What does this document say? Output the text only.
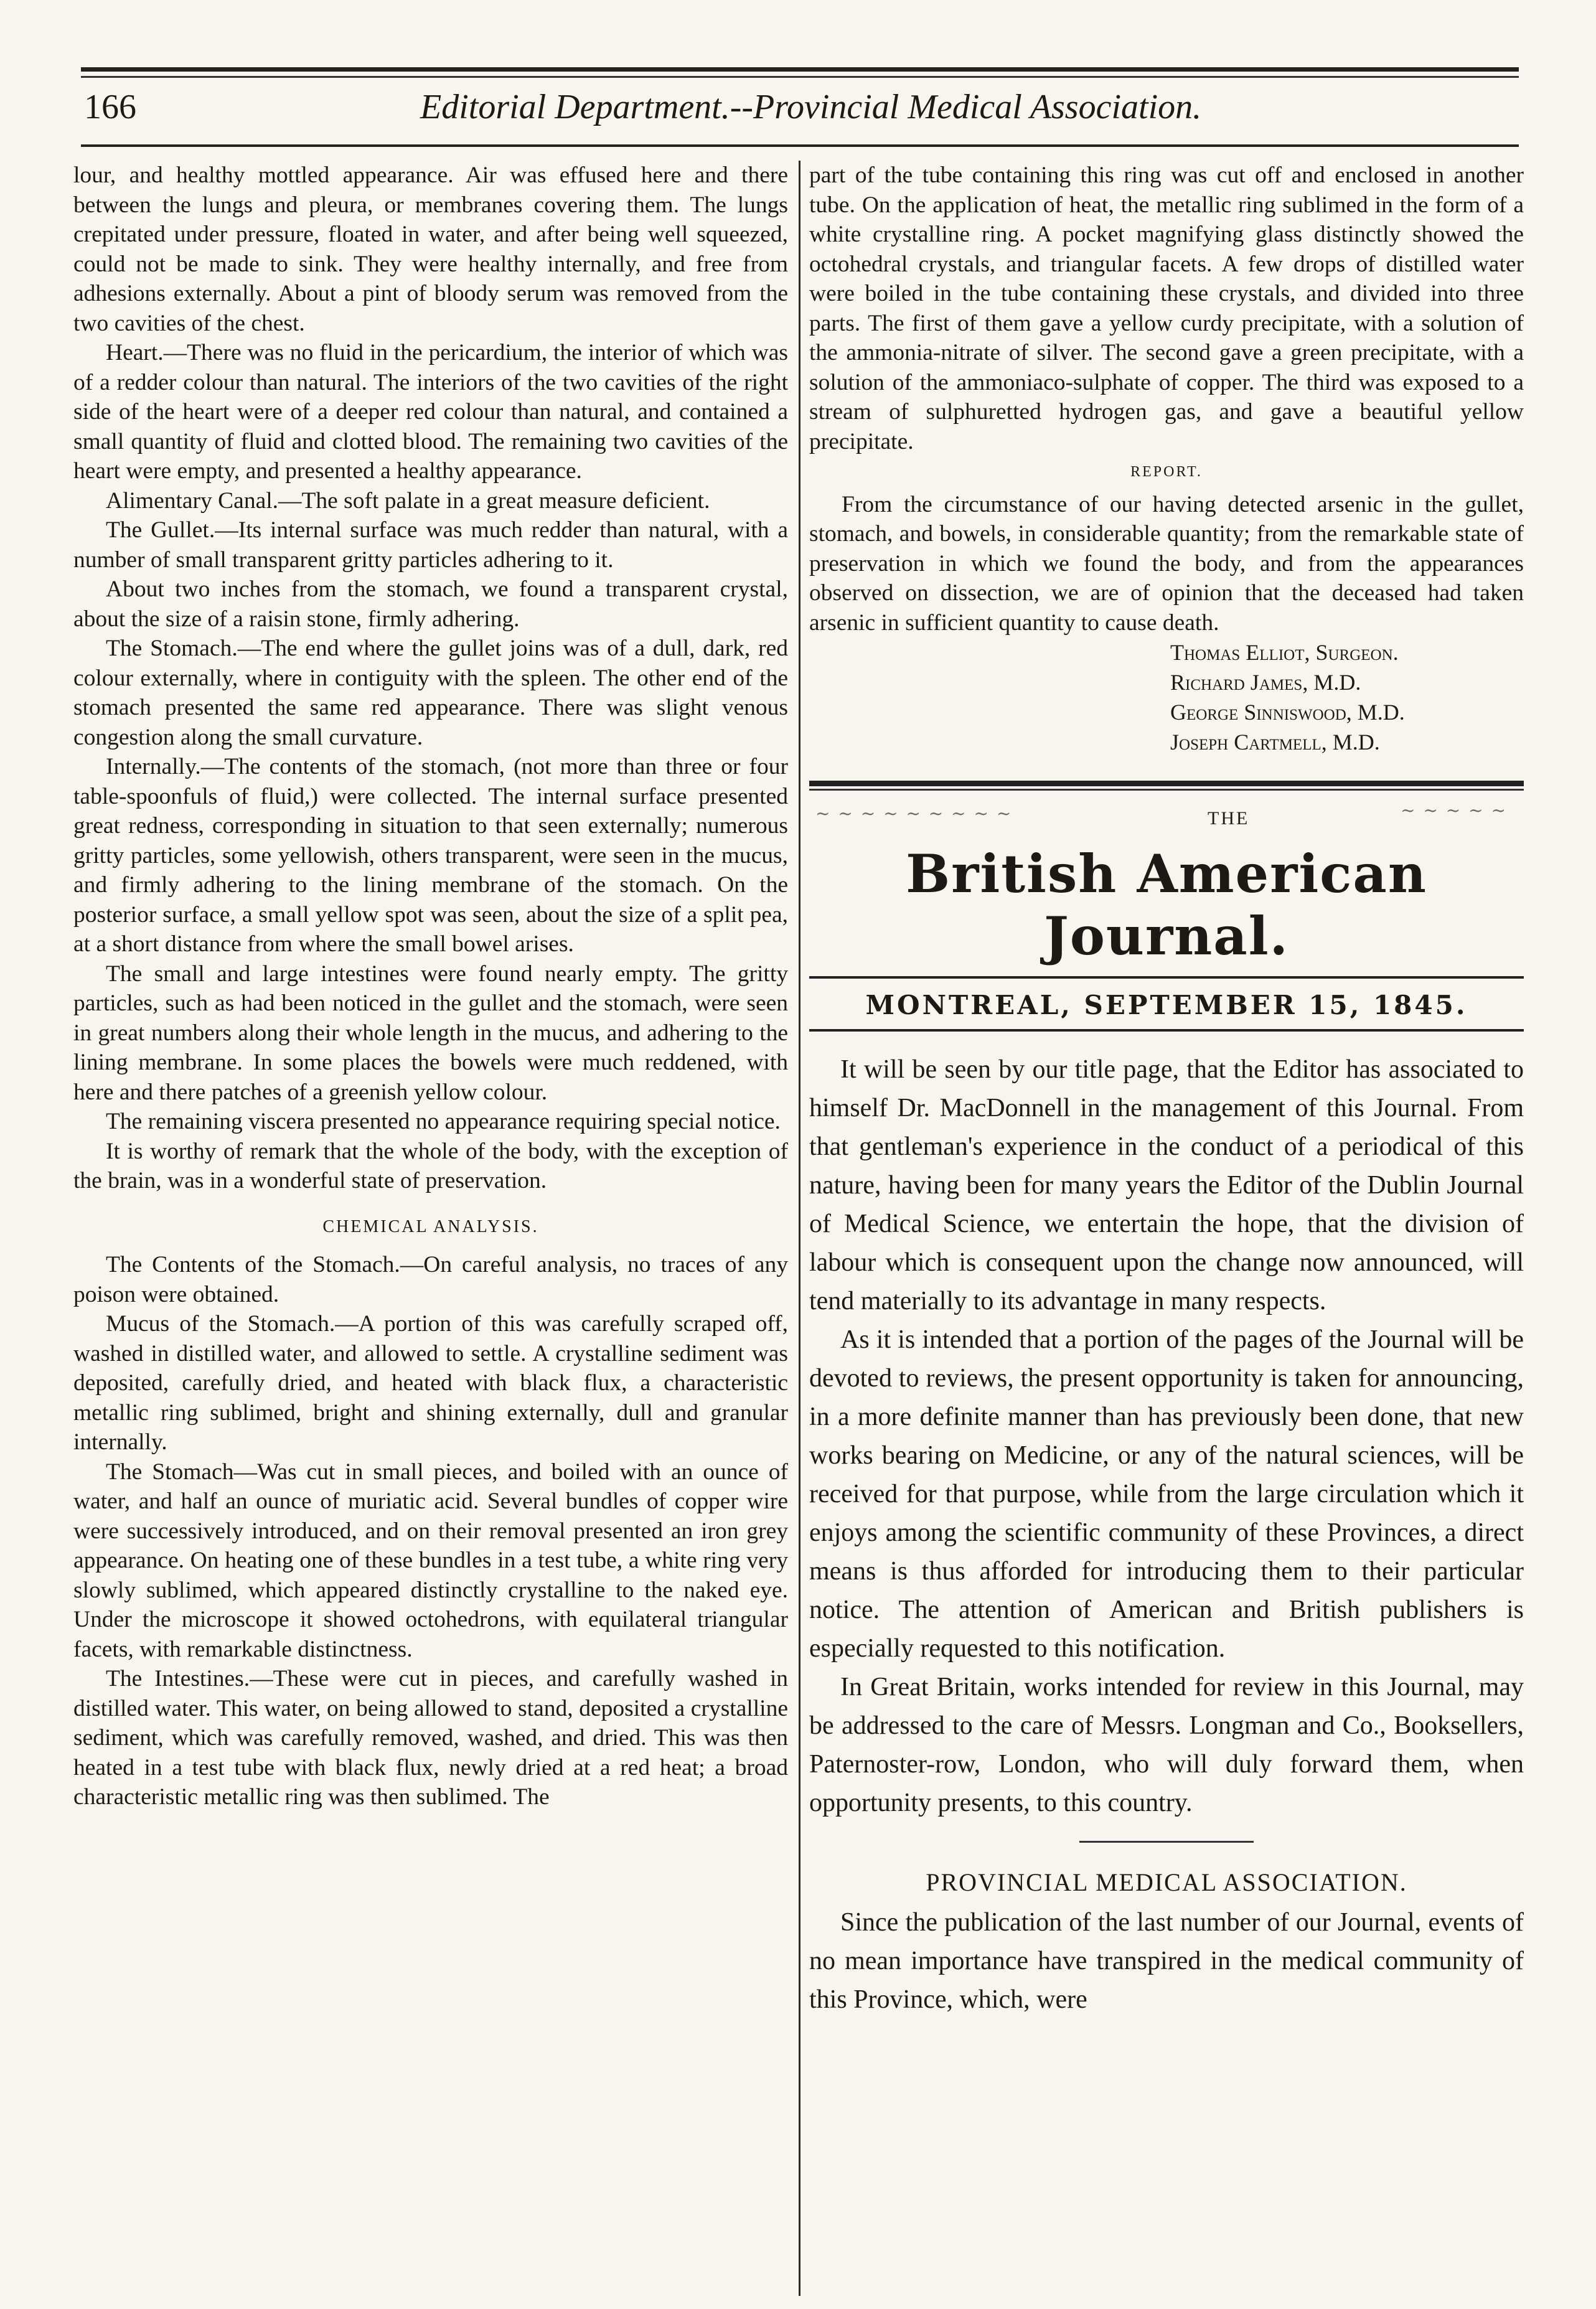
166	Editorial Department.--Provincial Medical Association.

lour, and healthy mottled appearance. Air was effused here and there between the lungs and pleura, or membranes covering them. The lungs crepitated under pressure, floated in water, and after being well squeezed, could not be made to sink. They were healthy internally, and free from adhesions externally. About a pint of bloody serum was removed from the two cavities of the chest.

Heart.—There was no fluid in the pericardium, the interior of which was of a redder colour than natural. The interiors of the two cavities of the right side of the heart were of a deeper red colour than natural, and contained a small quantity of fluid and clotted blood. The remaining two cavities of the heart were empty, and presented a healthy appearance.

Alimentary Canal.—The soft palate in a great measure deficient.

The Gullet.—Its internal surface was much redder than natural, with a number of small transparent gritty particles adhering to it.

About two inches from the stomach, we found a transparent crystal, about the size of a raisin stone, firmly adhering.

The Stomach.—The end where the gullet joins was of a dull, dark, red colour externally, where in contiguity with the spleen. The other end of the stomach presented the same red appearance. There was slight venous congestion along the small curvature.

Internally.—The contents of the stomach, (not more than three or four table-spoonfuls of fluid,) were collected. The internal surface presented great redness, corresponding in situation to that seen externally; numerous gritty particles, some yellowish, others transparent, were seen in the mucus, and firmly adhering to the lining membrane of the stomach. On the posterior surface, a small yellow spot was seen, about the size of a split pea, at a short distance from where the small bowel arises.

The small and large intestines were found nearly empty. The gritty particles, such as had been noticed in the gullet and the stomach, were seen in great numbers along their whole length in the mucus, and adhering to the lining membrane. In some places the bowels were much reddened, with here and there patches of a greenish yellow colour.

The remaining viscera presented no appearance requiring special notice.

It is worthy of remark that the whole of the body, with the exception of the brain, was in a wonderful state of preservation.

CHEMICAL ANALYSIS.

The Contents of the Stomach.—On careful analysis, no traces of any poison were obtained.

Mucus of the Stomach.—A portion of this was carefully scraped off, washed in distilled water, and allowed to settle. A crystalline sediment was deposited, carefully dried, and heated with black flux, a characteristic metallic ring sublimed, bright and shining externally, dull and granular internally.

The Stomach—Was cut in small pieces, and boiled with an ounce of water, and half an ounce of muriatic acid. Several bundles of copper wire were successively introduced, and on their removal presented an iron grey appearance. On heating one of these bundles in a test tube, a white ring very slowly sublimed, which appeared distinctly crystalline to the naked eye. Under the microscope it showed octohedrons, with equilateral triangular facets, with remarkable distinctness.

The Intestines.—These were cut in pieces, and carefully washed in distilled water. This water, on being allowed to stand, deposited a crystalline sediment, which was carefully removed, washed, and dried. This was then heated in a test tube with black flux, newly dried at a red heat; a broad characteristic metallic ring was then sublimed. The

part of the tube containing this ring was cut off and enclosed in another tube. On the application of heat, the metallic ring sublimed in the form of a white crystalline ring. A pocket magnifying glass distinctly showed the octohedral crystals, and triangular facets. A few drops of distilled water were boiled in the tube containing these crystals, and divided into three parts. The first of them gave a yellow curdy precipitate, with a solution of the ammonia-nitrate of silver. The second gave a green precipitate, with a solution of the ammoniaco-sulphate of copper. The third was exposed to a stream of sulphuretted hydrogen gas, and gave a beautiful yellow precipitate.

REPORT.

From the circumstance of our having detected arsenic in the gullet, stomach, and bowels, in considerable quantity; from the remarkable state of preservation in which we found the body, and from the appearances observed on dissection, we are of opinion that the deceased had taken arsenic in sufficient quantity to cause death.

Thomas Elliot, Surgeon.
Richard James, M.D.
George Sinniswood, M.D.
Joseph Cartmell, M.D.
~ ~ ~ ~ ~ ~ ~ ~ ~	THE	~ ~ ~ ~ ~
British American Journal.
MONTREAL, SEPTEMBER 15, 1845.

It will be seen by our title page, that the Editor has associated to himself Dr. MacDonnell in the management of this Journal. From that gentleman's experience in the conduct of a periodical of this nature, having been for many years the Editor of the Dublin Journal of Medical Science, we entertain the hope, that the division of labour which is consequent upon the change now announced, will tend materially to its advantage in many respects.

As it is intended that a portion of the pages of the Journal will be devoted to reviews, the present opportunity is taken for announcing, in a more definite manner than has previously been done, that new works bearing on Medicine, or any of the natural sciences, will be received for that purpose, while from the large circulation which it enjoys among the scientific community of these Provinces, a direct means is thus afforded for introducing them to their particular notice. The attention of American and British publishers is especially requested to this notification.

In Great Britain, works intended for review in this Journal, may be addressed to the care of Messrs. Longman and Co., Booksellers, Paternoster-row, London, who will duly forward them, when opportunity presents, to this country.

PROVINCIAL MEDICAL ASSOCIATION.

Since the publication of the last number of our Journal, events of no mean importance have transpired in the medical community of this Province, which, were
